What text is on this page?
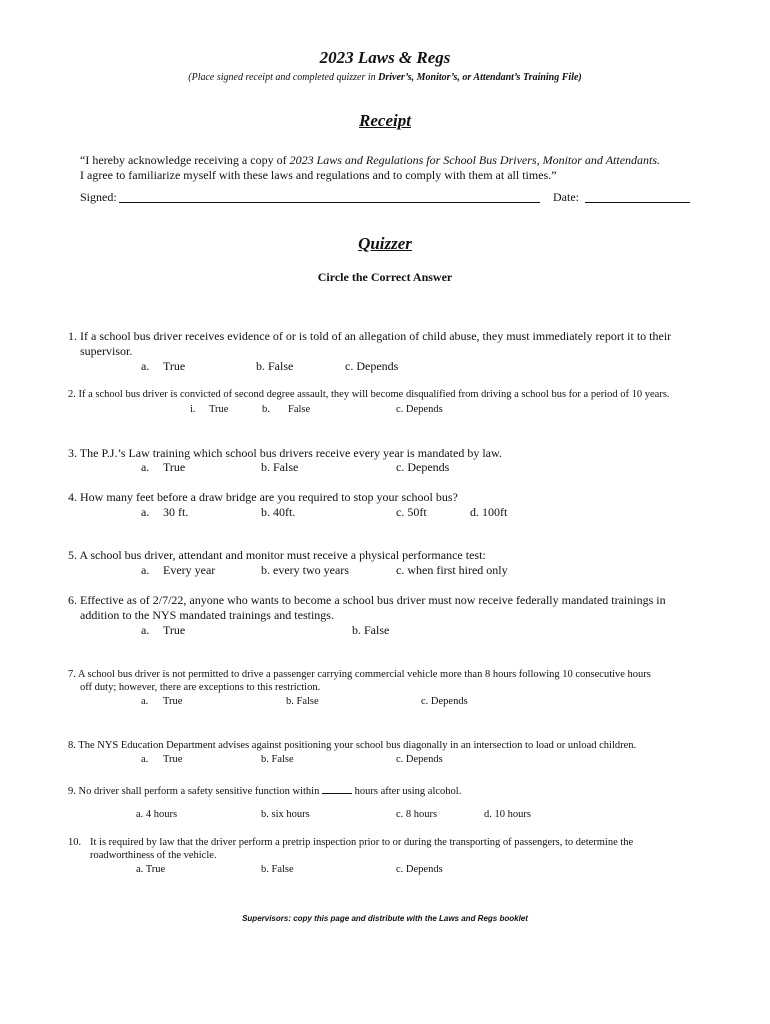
2023 Laws & Regs
(Place signed receipt and completed quizzer in Driver’s, Monitor’s, or Attendant’s Training File)
Receipt
“I hereby acknowledge receiving a copy of 2023 Laws and Regulations for School Bus Drivers, Monitor and Attendants.
I agree to familiarize myself with these laws and regulations and to comply with them at all times.”
Signed:	Date:
Quizzer
Circle the Correct Answer
1. If a school bus driver receives evidence of or is told of an allegation of child abuse, they must immediately report it to their
supervisor.
a. True	b. False	c. Depends
2. If a school bus driver is convicted of second degree assault, they will become disqualified from driving a school bus for a period of 10 years.
i. True	b. False	c. Depends
3. The P.J.’s Law training which school bus drivers receive every year is mandated by law.
a. True	b. False	c. Depends
4. How many feet before a draw bridge are you required to stop your school bus?
a. 30 ft.	b. 40ft.	c. 50ft	d. 100ft
5. A school bus driver, attendant and monitor must receive a physical performance test:
a. Every year	b. every two years	c. when first hired only
6. Effective as of 2/7/22, anyone who wants to become a school bus driver must now receive federally mandated trainings in
addition to the NYS mandated trainings and testings.
a. True	b. False
7. A school bus driver is not permitted to drive a passenger carrying commercial vehicle more than 8 hours following 10 consecutive hours
off duty; however, there are exceptions to this restriction.
a. True	b. False	c. Depends
8. The NYS Education Department advises against positioning your school bus diagonally in an intersection to load or unload children.
a. True	b. False	c. Depends
9. No driver shall perform a safety sensitive function within	hours after using alcohol.
a. 4 hours	b. six hours	c. 8 hours	d. 10 hours
10. It is required by law that the driver perform a pretrip inspection prior to or during the transporting of passengers, to determine the
roadworthiness of the vehicle.
a. True	b. False	c. Depends
Supervisors: copy this page and distribute with the Laws and Regs booklet
